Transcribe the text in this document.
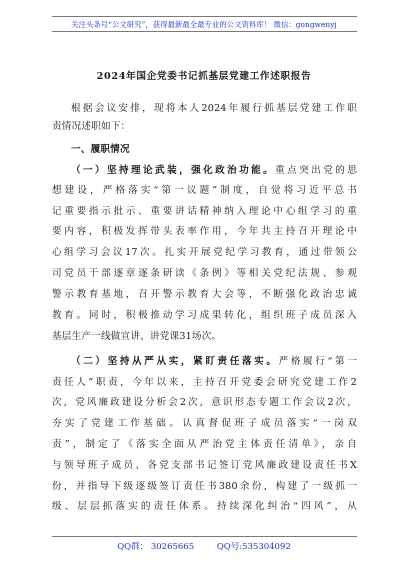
关注头条号“公文研究”，获得最新最全最专业的公文资料库！ 微信：gongwenyj
2024年国企党委书记抓基层党建工作述职报告
根据会议安排，现将本人2024年履行抓基层党建工作职
责情况述职如下：
一、履职情况
（一）坚持理论武装，强化政治功能。重点突出党的思
想建设，严格落实“第一议题”制度，自觉将习近平总书
记重要指示批示、重要讲话精神纳入理论中心组学习的重
要内容，积极发挥带头表率作用，今年共主持召开理论中
心组学习会议17次。扎实开展党纪学习教育，通过带领公
司党员干部逐章逐条研读《条例》等相关党纪法规、参观
警示教育基地，召开警示教育大会等，不断强化政治忠诚
教育。同时，积极推动学习成果转化，组织班子成员深入
基层生产一线做宣讲、讲党课31场次。
（二）坚持从严从实，紧盯责任落实。严格履行“第一
责任人”职责，今年以来，主持召开党委会研究党建工作2
次，党风廉政建设分析会2次，意识形态专题工作会议2次，
夯实了党建工作基础。认真督促班子成员落实“一岗双
责”，制定了《落实全面从严治党主体责任清单》，亲自
与领导班子成员、各党支部书记签订党风廉政建设责任书X
份，并指导下级逐级签订责任书380余份，构建了一级抓一
级、层层抓落实的责任体系。持续深化纠治“四风”，从
QQ群： 30265665	QQ号:535304092
